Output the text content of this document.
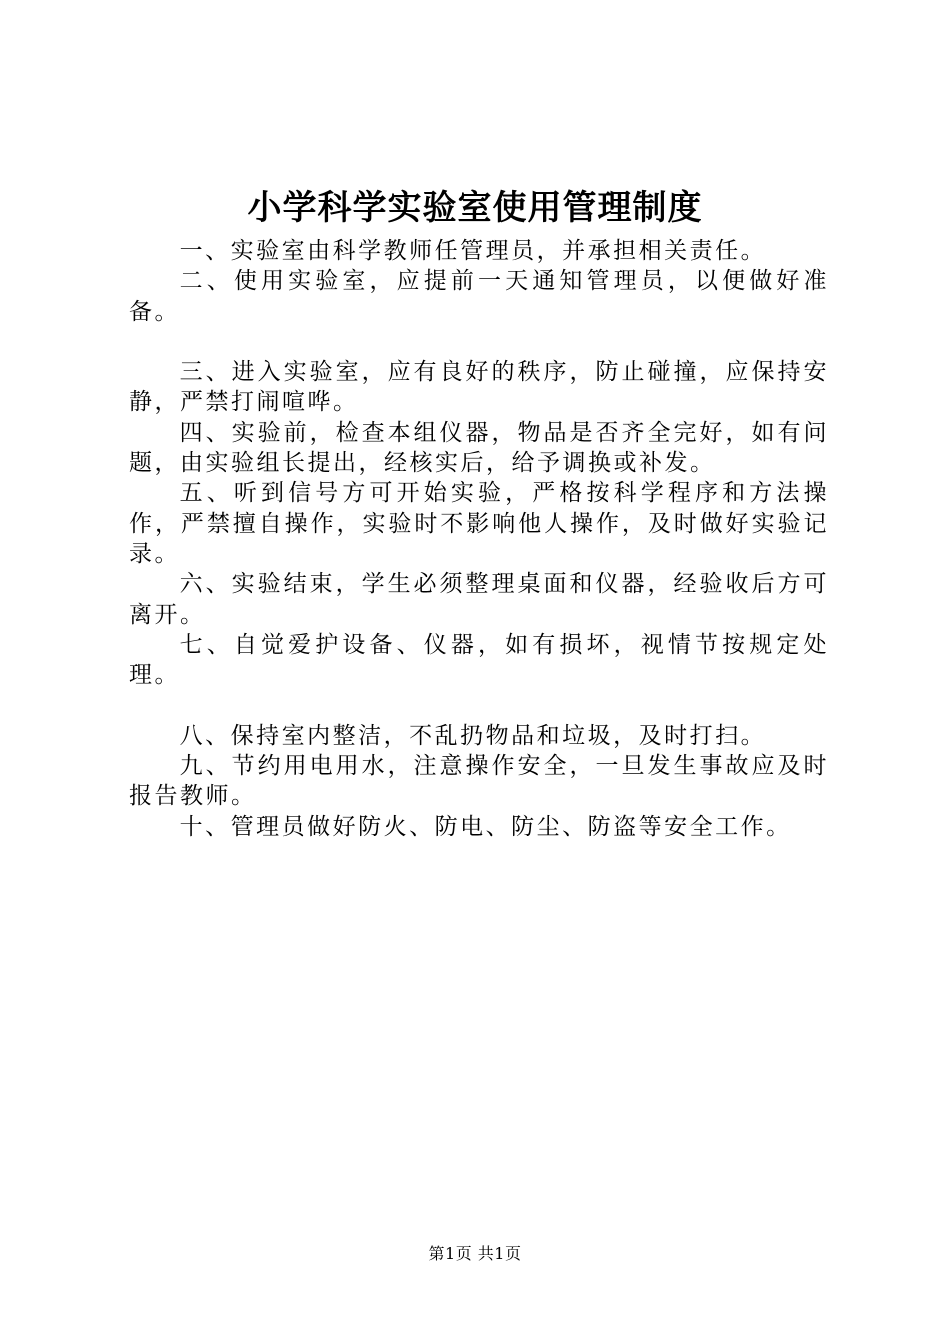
小学科学实验室使用管理制度

一、实验室由科学教师任管理员，并承担相关责任。

二、使用实验室，应提前一天通知管理员，以便做好准备。

三、进入实验室，应有良好的秩序，防止碰撞，应保持安静，严禁打闹喧哗。

四、实验前，检查本组仪器，物品是否齐全完好，如有问题，由实验组长提出，经核实后，给予调换或补发。

五、听到信号方可开始实验，严格按科学程序和方法操作，严禁擅自操作，实验时不影响他人操作，及时做好实验记录。

六、实验结束，学生必须整理桌面和仪器，经验收后方可离开。

七、自觉爱护设备、仪器，如有损坏，视情节按规定处理。

八、保持室内整洁，不乱扔物品和垃圾，及时打扫。

九、节约用电用水，注意操作安全，一旦发生事故应及时报告教师。

十、管理员做好防火、防电、防尘、防盗等安全工作。

第1页 共1页
